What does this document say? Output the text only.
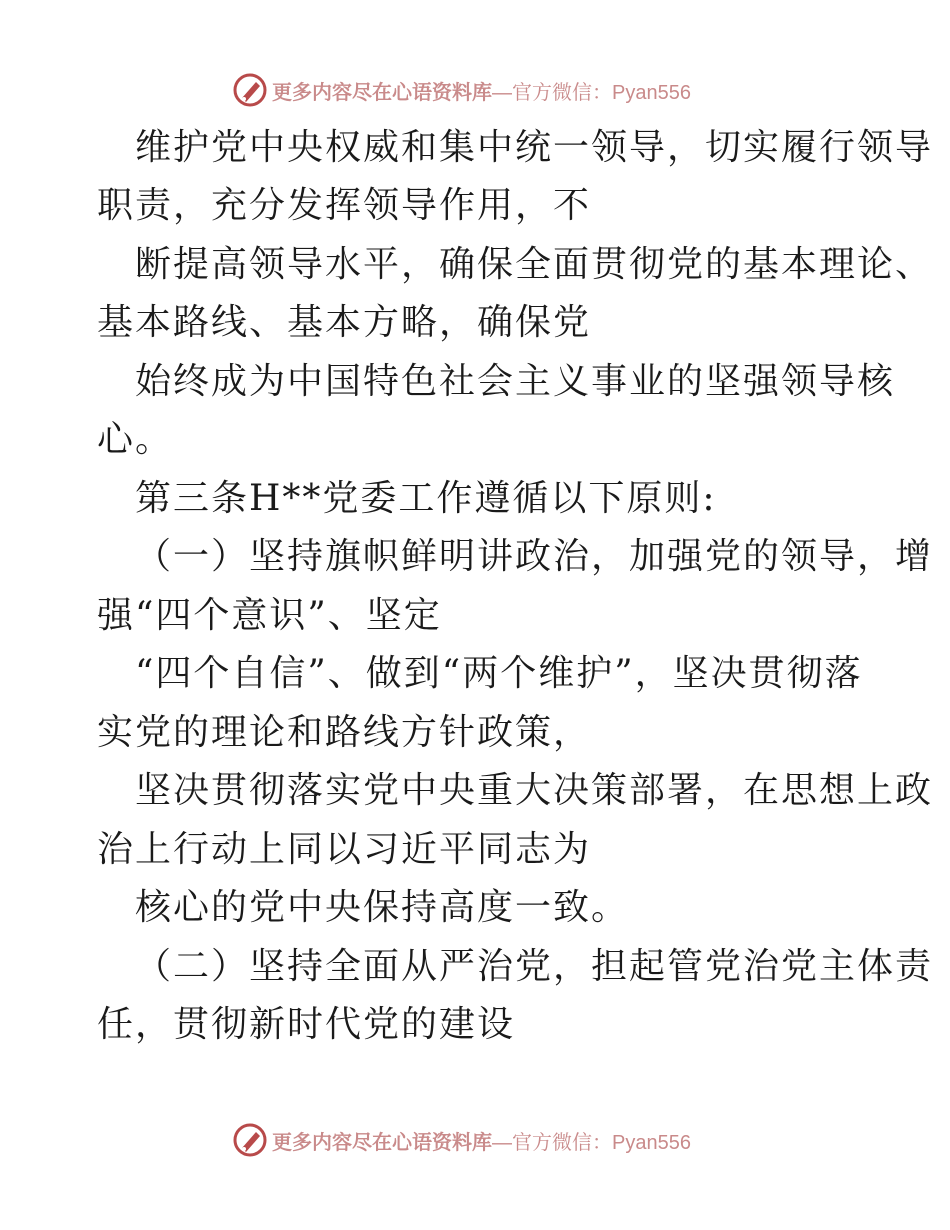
更多内容尽在心语资料库 —官方微信：Pyan556
维护党中央权威和集中统一领导，切实履行领导
职责，充分发挥领导作用，不
断提高领导水平，确保全面贯彻党的基本理论、
基本路线、基本方略，确保党
始终成为中国特色社会主义事业的坚强领导核
心。
第三条H**党委工作遵循以下原则:
（一）坚持旗帜鲜明讲政治，加强党的领导，增
强“四个意识”、坚定
“四个自信”、做到“两个维护”，坚决贯彻落
实党的理论和路线方针政策，
坚决贯彻落实党中央重大决策部署，在思想上政
治上行动上同以习近平同志为
核心的党中央保持高度一致。
（二）坚持全面从严治党，担起管党治党主体责
任，贯彻新时代党的建设
更多内容尽在心语资料库 —官方微信：Pyan556
